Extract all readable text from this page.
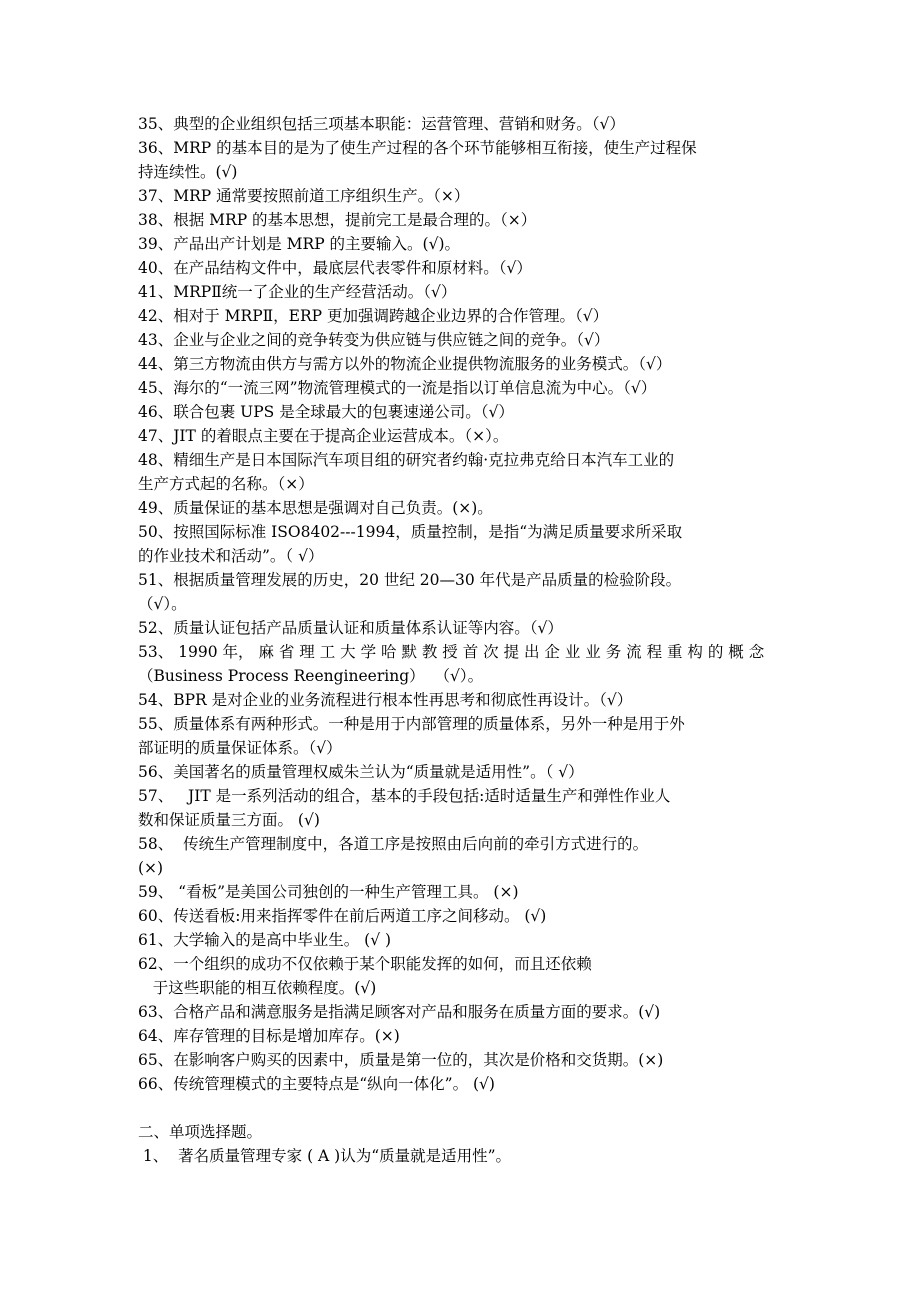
35、典型的企业组织包括三项基本职能：运营管理、营销和财务。（√）
36、MRP 的基本目的是为了使生产过程的各个环节能够相互衔接，使生产过程保
持连续性。(√)
37、MRP 通常要按照前道工序组织生产。（×）
38、根据 MRP 的基本思想，提前完工是最合理的。（×）
39、产品出产计划是 MRP 的主要输入。(√)。
40、在产品结构文件中，最底层代表零件和原材料。（√）
41、MRPⅡ统一了企业的生产经营活动。（√）
42、相对于 MRPⅡ，ERP 更加强调跨越企业边界的合作管理。（√）
43、企业与企业之间的竞争转变为供应链与供应链之间的竞争。（√）
44、第三方物流由供方与需方以外的物流企业提供物流服务的业务模式。（√）
45、海尔的“一流三网”物流管理模式的一流是指以订单信息流为中心。（√）
46、联合包裹 UPS 是全球最大的包裹速递公司。（√）
47、JIT 的着眼点主要在于提高企业运营成本。（×）。
48、精细生产是日本国际汽车项目组的研究者约翰·克拉弗克给日本汽车工业的
生产方式起的名称。（×）
49、质量保证的基本思想是强调对自己负责。(×)。
50、按照国际标准 ISO8402---1994，质量控制，是指“为满足质量要求所采取
的作业技术和活动”。（ √）
51、根据质量管理发展的历史，20 世纪 20—30 年代是产品质量的检验阶段。
（√）。
52、质量认证包括产品质量认证和质量体系认证等内容。（√）
53、 1990 年， 麻 省 理 工 大 学 哈 默 教 授 首 次 提 出 企 业 业 务 流 程 重 构 的 概 念
（Business Process Reengineering）  （√）。
54、BPR 是对企业的业务流程进行根本性再思考和彻底性再设计。（√）
55、质量体系有两种形式。一种是用于内部管理的质量体系，另外一种是用于外
部证明的质量保证体系。（√）
56、美国著名的质量管理权威朱兰认为“质量就是适用性”。（ √）
57、   JIT 是一系列活动的组合，基本的手段包括:适时适量生产和弹性作业人
数和保证质量三方面。 (√)
58、  传统生产管理制度中，各道工序是按照由后向前的牵引方式进行的。
(×)
59、 “看板”是美国公司独创的一种生产管理工具。 (×)
60、传送看板:用来指挥零件在前后两道工序之间移动。 (√)
61、大学输入的是高中毕业生。 (√ )
62、一个组织的成功不仅依赖于某个职能发挥的如何，而且还依赖
于这些职能的相互依赖程度。(√)
63、合格产品和满意服务是指满足顾客对产品和服务在质量方面的要求。(√)
64、库存管理的目标是增加库存。(×)
65、在影响客户购买的因素中，质量是第一位的，其次是价格和交货期。(×)
66、传统管理模式的主要特点是“纵向一体化”。 (√)
二、单项选择题。
1、  著名质量管理专家 ( A )认为“质量就是适用性”。
